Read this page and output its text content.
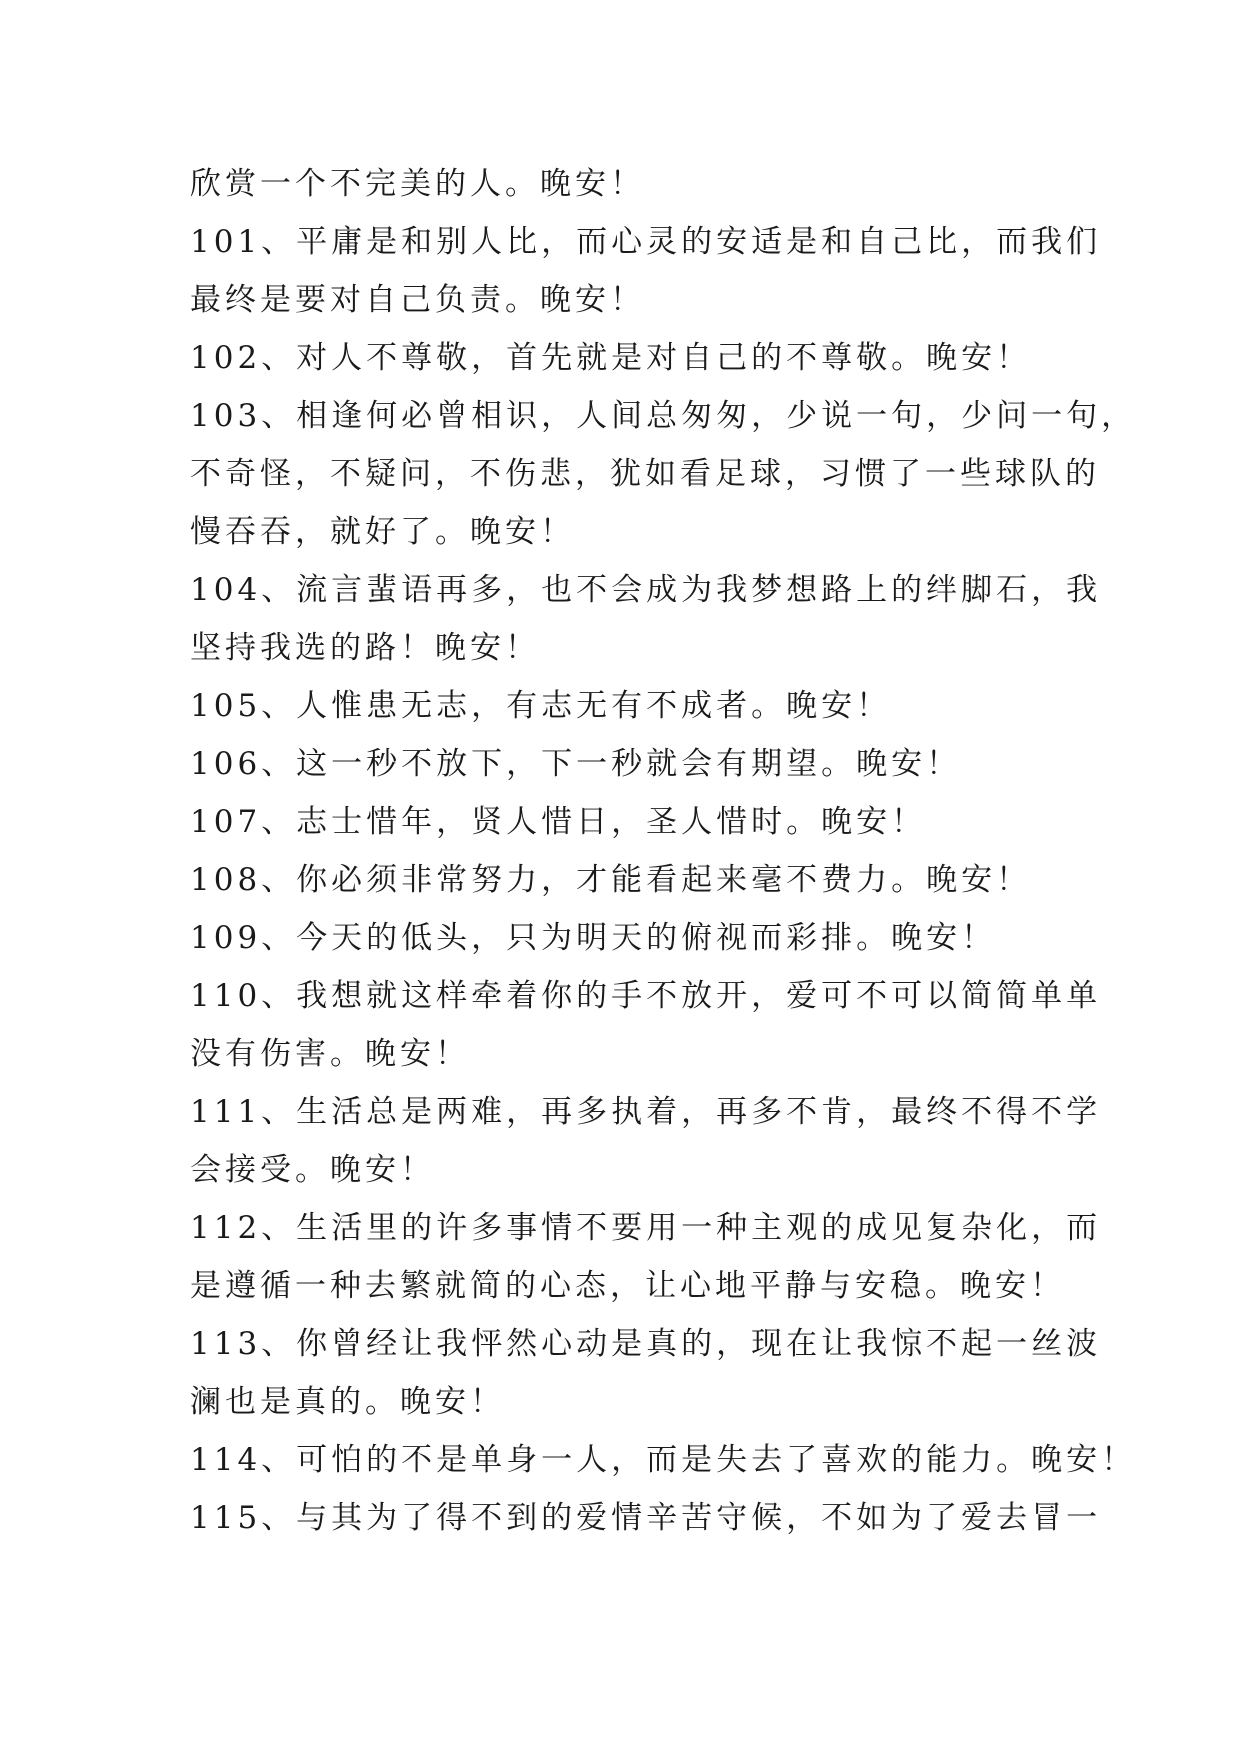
欣赏一个不完美的人。晚安！
101、平庸是和别人比，而心灵的安适是和自己比，而我们
最终是要对自己负责。晚安！
102、对人不尊敬，首先就是对自己的不尊敬。晚安！
103、相逢何必曾相识，人间总匆匆，少说一句，少问一句，
不奇怪，不疑问，不伤悲，犹如看足球，习惯了一些球队的
慢吞吞，就好了。晚安！
104、流言蜚语再多，也不会成为我梦想路上的绊脚石，我
坚持我选的路！晚安！
105、人惟患无志，有志无有不成者。晚安！
106、这一秒不放下，下一秒就会有期望。晚安！
107、志士惜年，贤人惜日，圣人惜时。晚安！
108、你必须非常努力，才能看起来毫不费力。晚安！
109、今天的低头，只为明天的俯视而彩排。晚安！
110、我想就这样牵着你的手不放开，爱可不可以简简单单
没有伤害。晚安！
111、生活总是两难，再多执着，再多不肯，最终不得不学
会接受。晚安！
112、生活里的许多事情不要用一种主观的成见复杂化，而
是遵循一种去繁就简的心态，让心地平静与安稳。晚安！
113、你曾经让我怦然心动是真的，现在让我惊不起一丝波
澜也是真的。晚安！
114、可怕的不是单身一人，而是失去了喜欢的能力。晚安！
115、与其为了得不到的爱情辛苦守候，不如为了爱去冒一
